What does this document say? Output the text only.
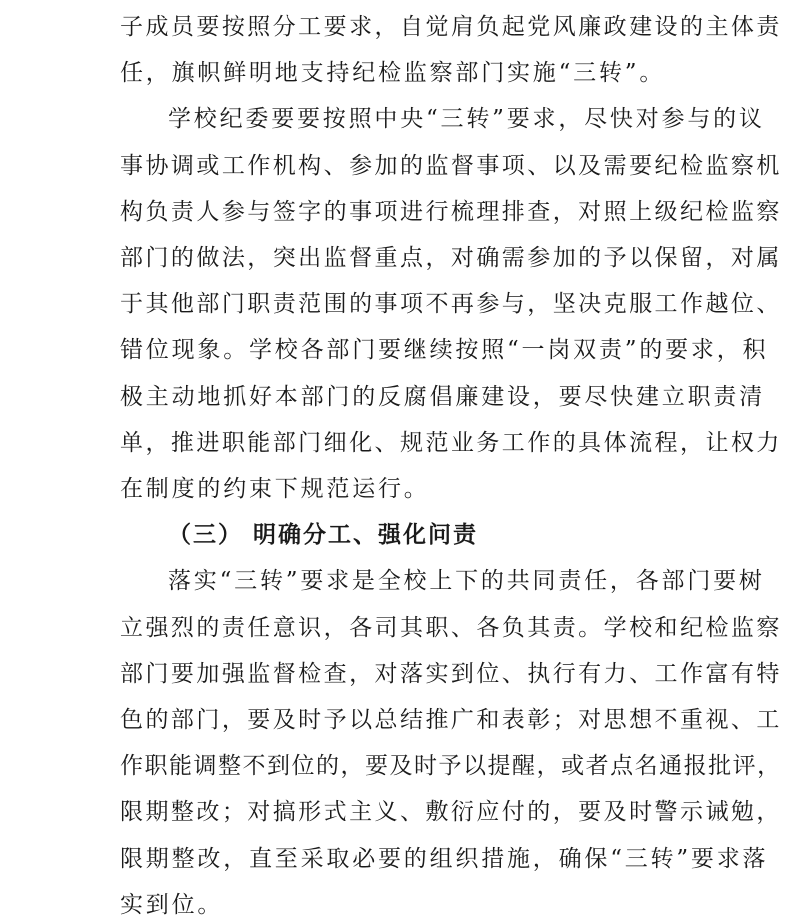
子成员要按照分工要求，自觉肩负起党风廉政建设的主体责
任，旗帜鲜明地支持纪检监察部门实施“三转”。
学校纪委要要按照中央“三转”要求，尽快对参与的议
事协调或工作机构、参加的监督事项、以及需要纪检监察机
构负责人参与签字的事项进行梳理排查，对照上级纪检监察
部门的做法，突出监督重点，对确需参加的予以保留，对属
于其他部门职责范围的事项不再参与，坚决克服工作越位、
错位现象。学校各部门要继续按照“一岗双责”的要求，积
极主动地抓好本部门的反腐倡廉建设，要尽快建立职责清
单，推进职能部门细化、规范业务工作的具体流程，让权力
在制度的约束下规范运行。
（三） 明确分工、强化问责
落实“三转”要求是全校上下的共同责任，各部门要树
立强烈的责任意识，各司其职、各负其责。学校和纪检监察
部门要加强监督检查，对落实到位、执行有力、工作富有特
色的部门，要及时予以总结推广和表彰；对思想不重视、工
作职能调整不到位的，要及时予以提醒，或者点名通报批评，
限期整改；对搞形式主义、敷衍应付的，要及时警示诫勉，
限期整改，直至采取必要的组织措施，确保“三转”要求落
实到位。
